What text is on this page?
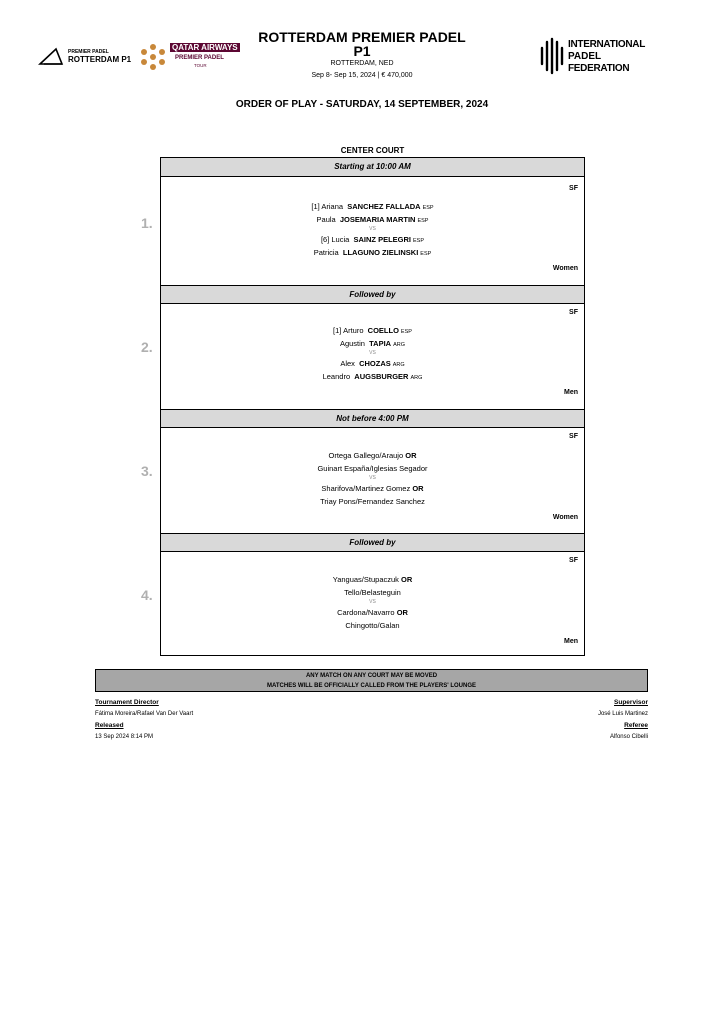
PREMIER PADEL
ROTTERDAM P1
QATAR AIRWAYS
PREMIER PADEL
TOUR
INTERNATIONAL
PADEL
FEDERATION
ROTTERDAM PREMIER PADEL
P1
ROTTERDAM, NED
Sep 8- Sep 15, 2024 | € 470,000
ORDER OF PLAY - SATURDAY, 14 SEPTEMBER, 2024
CENTER COURT
Starting at 10:00 AM
1.
SF
[1] Ariana SANCHEZ FALLADA ESP
Paula JOSEMARIA MARTIN ESP
VS
[6] Lucia SAINZ PELEGRI ESP
Patricia LLAGUNO ZIELINSKI ESP
Women
Followed by
2.
SF
[1] Arturo COELLO ESP
Agustin TAPIA ARG
VS
Alex CHOZAS ARG
Leandro AUGSBURGER ARG
Men
Not before 4:00 PM
3.
SF
Ortega Gallego/Araujo OR
Guinart España/Iglesias Segador
VS
Sharifova/Martinez Gomez OR
Triay Pons/Fernandez Sanchez
Women
Followed by
4.
SF
Yanguas/Stupaczuk OR
Tello/Belasteguin
VS
Cardona/Navarro OR
Chingotto/Galan
Men
ANY MATCH ON ANY COURT MAY BE MOVED
MATCHES WILL BE OFFICIALLY CALLED FROM THE PLAYERS' LOUNGE
Tournament Director
Fátima Moreira/Rafael Van Der Vaart
Released
13 Sep 2024 8:14 PM
Supervisor
José Luis Martinez
Referee
Alfonso Cibelli
